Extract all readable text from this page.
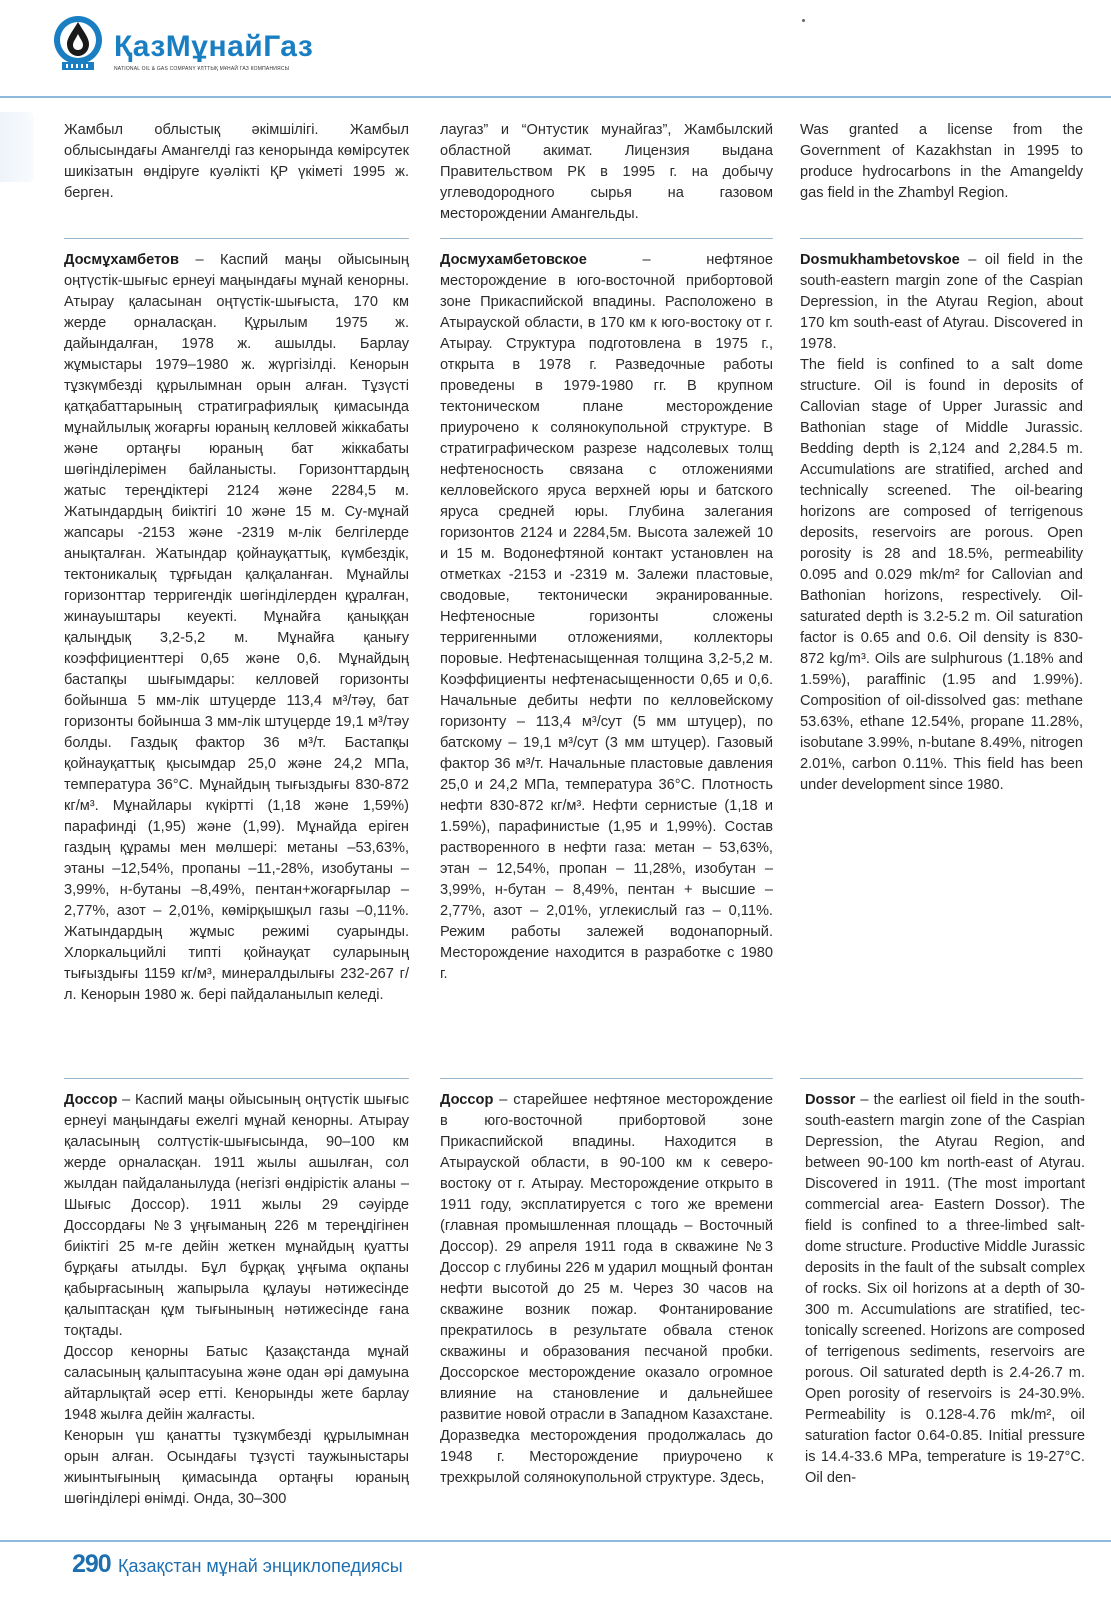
ҚазМұнайГаз
NATIONAL OIL & GAS COMPANY ҰЛТТЫҚ МҰНАЙ ГАЗ КОМПАНИЯСЫ

Жамбыл облыстық әкімшілігі. Жамбыл облысындағы Амангелді газ кенорында көмірсутек шикізатын өндіруге куәлікті ҚР үкіметі 1995 ж. берген.

лаугаз” и “Онтустик мунайгаз”, Жамбылский областной акимат. Лицензия выдана Правительством РК в 1995 г. на добычу углеводородного сырья на газовом месторождении Амангельды.

Was granted a license from the Government of Kazakhstan in 1995 to produce hydrocarbons in the Amangeldy gas field in the Zhambyl Region.

Досмұхамбетов – Каспий маңы ойысының оңтүстік-шығыс ернеуі маңындағы мұнай кенорны. Атырау қаласынан оңтүстік-шығыста, 170 км жерде орналасқан. Құрылым 1975 ж. дайындалған, 1978 ж. ашылды. Барлау жұмыстары 1979–1980 ж. жүргізілді. Кенорын тұзкүмбезді құрылымнан орын алған. Тұзүсті қатқабаттарының стратиграфиялық қимасында мұнайлылық жоғарғы юраның келловей жіккабаты және ортаңғы юраның бат жіккабаты шөгінділерімен байланысты. Горизонттардың жатыс тереңдіктері 2124 және 2284,5 м. Жатындардың биіктігі 10 және 15 м. Су-мұнай жапсары -2153 және -2319 м-лік белгілерде анықталған. Жатындар қойнауқаттық, күмбездік, тектоникалық тұрғыдан қалқаланған. Мұнайлы горизонттар терригендік шөгінділерден құралған, жинауыштары кеуекті. Мұнайға қаныққан қалыңдық 3,2-5,2 м. Мұнайға қанығу коэффициенттері 0,65 және 0,6. Мұнайдың бастапқы шығымдары: келловей горизонты бойынша 5 мм-лік штуцерде 113,4 м³/тәу, бат горизонты бойынша 3 мм-лік штуцерде 19,1 м³/тәу болды. Газдық фактор 36 м³/т. Бастапқы қойнауқаттық қысымдар 25,0 және 24,2 МПа, температура 36°С. Мұнайдың тығыздығы 830-872 кг/м³. Мұнайлары күкіртті (1,18 және 1,59%) парафинді (1,95) және (1,99). Мұнайда еріген газдың құрамы мен мөлшері: метаны –53,63%, этаны –12,54%, пропаны –11,-28%, изобутаны –3,99%, н-бутаны –8,49%, пентан+жоғарғылар –2,77%, азот – 2,01%, көмірқышқыл газы –0,11%. Жатындардың жұмыс режимі суарынды. Хлоркальцийлі типті қойнауқат суларының тығыздығы 1159 кг/м³, минералдылығы 232-267 г/л. Кенорын 1980 ж. бері пайдаланылып келеді.

Досмухамбетовское – нефтяное месторождение в юго-восточной прибортовой зоне Прикаспийской впадины. Расположено в Атырауской области, в 170 км к юго-востоку от г. Атырау. Структура подготовлена в 1975 г., открыта в 1978 г. Разведочные работы проведены в 1979-1980 гг. В крупном тектоническом плане месторождение приурочено к солянокупольной структуре. В стратиграфическом разрезе надсолевых толщ нефтеносность связана с отложениями келловейского яруса верхней юры и батского яруса средней юры. Глубина залегания горизонтов 2124 и 2284,5м. Высота залежей 10 и 15 м. Водонефтяной контакт установлен на отметках -2153 и -2319 м. Залежи пластовые, сводовые, тектонически экранированные. Нефтеносные горизонты сложены терригенными отложениями, коллекторы поровые. Нефтенасыщенная толщина 3,2-5,2 м. Коэффициенты нефтенасыщенности 0,65 и 0,6. Начальные дебиты нефти по келловейскому горизонту – 113,4 м³/сут (5 мм штуцер), по батскому – 19,1 м³/сут (3 мм штуцер). Газовый фактор 36 м³/т. Начальные пластовые давления 25,0 и 24,2 МПа, температура 36°С. Плотность нефти 830-872 кг/м³. Нефти сернистые (1,18 и 1.59%), парафинистые (1,95 и 1,99%). Состав растворенного в нефти газа: метан – 53,63%, этан – 12,54%, пропан – 11,28%, изобутан – 3,99%, н-бутан – 8,49%, пентан + высшие – 2,77%, азот – 2,01%, углекислый газ – 0,11%. Режим работы залежей водонапорный. Месторождение находится в разработке с 1980 г.

Dosmukhambetovskoe – oil field in the south-eastern margin zone of the Caspian Depression, in the Atyrau Region, about 170 km south-east of Atyrau. Discovered in 1978.

The field is confined to a salt dome structure. Oil is found in deposits of Callovian stage of Upper Jurassic and Bathonian stage of Middle Jurassic. Bedding depth is 2,124 and 2,284.5 m. Accumulations are stratified, arched and technically screened. The oil-bearing horizons are composed of terrigenous deposits, reservoirs are porous. Open porosity is 28 and 18.5%, permeability 0.095 and 0.029 mk/m² for Callovian and Bathonian horizons, respectively. Oil-saturated depth is 3.2-5.2 m. Oil saturation factor is 0.65 and 0.6. Oil density is 830-872 kg/m³. Oils are sulphurous (1.18% and 1.59%), paraffinic (1.95 and 1.99%). Composition of oil-dissolved gas: methane 53.63%, ethane 12.54%, propane 11.28%, isobutane 3.99%, n-butane 8.49%, nitrogen 2.01%, carbon 0.11%. This field has been under development since 1980.

Доссор – Каспий маңы ойысының оңтүстік шығыс ернеуі маңындағы ежелгі мұнай кенорны. Атырау қаласының солтүстік-шығысында, 90–100 км жерде орналасқан. 1911 жылы ашылған, сол жылдан пайдаланылуда (негізгі өндірістік аланы – Шығыс Доссор). 1911 жылы 29 сәуірде Доссордағы №3 ұңғыманың 226 м тереңдігінен биіктігі 25 м-ге дейін жеткен мұнайдың қуатты бұрқағы атылды. Бұл бұрқақ ұңғыма оқпаны қабырғасының жапырыла құлауы нәтижесінде қалыптасқан құм тығынының нәтижесінде ғана тоқтады.

Доссор кенорны Батыс Қазақстанда мұнай саласының қалыптасуына және одан әрі дамуына айтарлықтай әсер етті. Кенорынды жете барлау 1948 жылға дейін жалғасты.

Кенорын үш қанатты тұзкүмбезді құрылымнан орын алған. Осындағы тұзүсті таужыныстары жиынтығының қимасында ортаңғы юраның шөгінділері өнімді. Онда, 30–300

Доссор – старейшее нефтяное месторождение в юго-восточной прибортовой зоне Прикаспийской впадины. Находится в Атырауской области, в 90-100 км к северо-востоку от г. Атырау. Месторождение открыто в 1911 году, эксплатируется с того же времени (главная промышленная площадь – Восточный Доссор). 29 апреля 1911 года в скважине №3 Доссор с глубины 226 м ударил мощный фонтан нефти высотой до 25 м. Через 30 часов на скважине возник пожар. Фонтанирование прекратилось в результате обвала стенок скважины и образования песчаной пробки. Доссорское месторождение оказало огромное влияние на становление и дальнейшее развитие новой отрасли в Западном Казахстане. Доразведка месторождения продолжалась до 1948 г. Месторождение приурочено к трехкрылой солянокупольной структуре. Здесь,

Dossor – the earliest oil field in the south-south-eastern margin zone of the Caspian Depression, the Atyrau Region, and between 90-100 km north-east of Atyrau. Discovered in 1911. (The most important commercial area- Eastern Dossor). The field is confined to a three-limbed salt-dome structure. Productive Middle Jurassic deposits in the fault of the subsalt complex of rocks. Six oil horizons at a depth of 30-300 m. Accumulations are stratified, tec-tonically screened. Horizons are composed of terrigenous sediments, reservoirs are porous. Oil saturated depth is 2.4-26.7 m. Open porosity of reservoirs is 24-30.9%. Permeability is 0.128-4.76 mk/m², oil saturation factor 0.64-0.85. Initial pressure is 14.4-33.6 MPa, temperature is 19-27°C. Oil den-

290 Қазақстан мұнай энциклопедиясы
